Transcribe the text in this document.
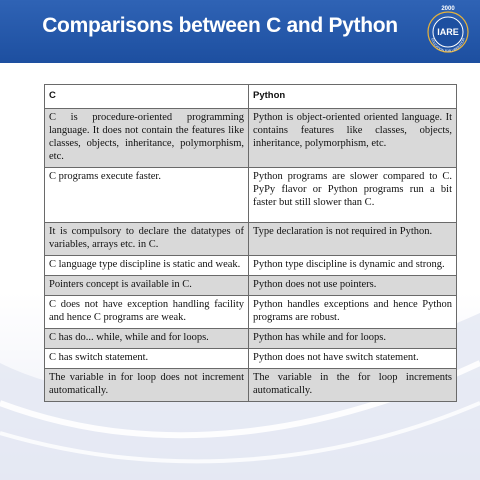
Comparisons between C and Python
2000
IARE
EDUCATION FOR LIBERATION
C	Python
C is procedure-oriented programming language. It does not contain the features like classes, objects, inheritance, polymorphism, etc.	Python is object-oriented oriented language. It contains features like classes, objects, inheritance, polymorphism, etc.
C programs execute faster.	Python programs are slower compared to C. PyPy flavor or Python programs run a bit faster but still slower than C.
It is compulsory to declare the datatypes of variables, arrays etc. in C.	Type declaration is not required in Python.
C language type discipline is static and weak.	Python type discipline is dynamic and strong.
Pointers concept is available in C.	Python does not use pointers.
C does not have exception handling facility and hence C programs are weak.	Python handles exceptions and hence Python programs are robust.
C has do... while, while and for loops.	Python has while and for loops.
C has switch statement.	Python does not have switch statement.
The variable in for loop does not increment automatically.	The variable in the for loop increments automatically.
